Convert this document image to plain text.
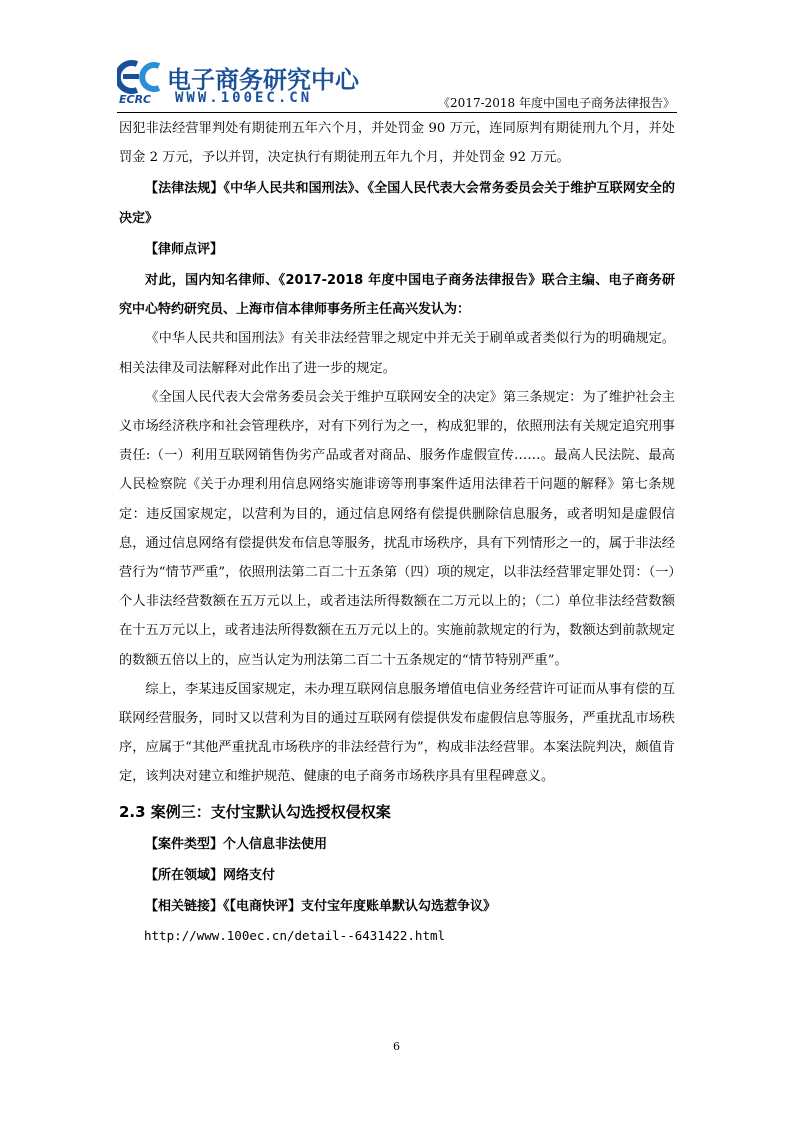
电子商务研究中心
ECRC WWW.100EC.CN	《2017-2018 年度中国电子商务法律报告》

因犯非法经营罪判处有期徒刑五年六个月，并处罚金 90 万元，连同原判有期徒刑九个月，并处罚金 2 万元，予以并罚，决定执行有期徒刑五年九个月，并处罚金 92 万元。

【法律法规】《中华人民共和国刑法》、《全国人民代表大会常务委员会关于维护互联网安全的决定》

【律师点评】

对此，国内知名律师、《2017-2018 年度中国电子商务法律报告》联合主编、电子商务研究中心特约研究员、上海市信本律师事务所主任高兴发认为：

《中华人民共和国刑法》有关非法经营罪之规定中并无关于刷单或者类似行为的明确规定。相关法律及司法解释对此作出了进一步的规定。

《全国人民代表大会常务委员会关于维护互联网安全的决定》第三条规定：为了维护社会主义市场经济秩序和社会管理秩序，对有下列行为之一，构成犯罪的，依照刑法有关规定追究刑事责任:（一）利用互联网销售伪劣产品或者对商品、服务作虚假宣传……。最高人民法院、最高人民检察院《关于办理利用信息网络实施诽谤等刑事案件适用法律若干问题的解释》第七条规定：违反国家规定，以营利为目的，通过信息网络有偿提供删除信息服务，或者明知是虚假信息，通过信息网络有偿提供发布信息等服务，扰乱市场秩序，具有下列情形之一的，属于非法经营行为“情节严重”，依照刑法第二百二十五条第（四）项的规定，以非法经营罪定罪处罚：（一）个人非法经营数额在五万元以上，或者违法所得数额在二万元以上的；（二）单位非法经营数额在十五万元以上，或者违法所得数额在五万元以上的。实施前款规定的行为，数额达到前款规定的数额五倍以上的，应当认定为刑法第二百二十五条规定的“情节特别严重”。

综上，李某违反国家规定，未办理互联网信息服务增值电信业务经营许可证而从事有偿的互联网经营服务，同时又以营利为目的通过互联网有偿提供发布虚假信息等服务，严重扰乱市场秩序，应属于“其他严重扰乱市场秩序的非法经营行为”，构成非法经营罪。本案法院判决，颇值肯定，该判决对建立和维护规范、健康的电子商务市场秩序具有里程碑意义。

2.3 案例三：支付宝默认勾选授权侵权案

【案件类型】个人信息非法使用

【所在领域】网络支付

【相关链接】《【电商快评】支付宝年度账单默认勾选惹争议》

http://www.100ec.cn/detail--6431422.html

6
